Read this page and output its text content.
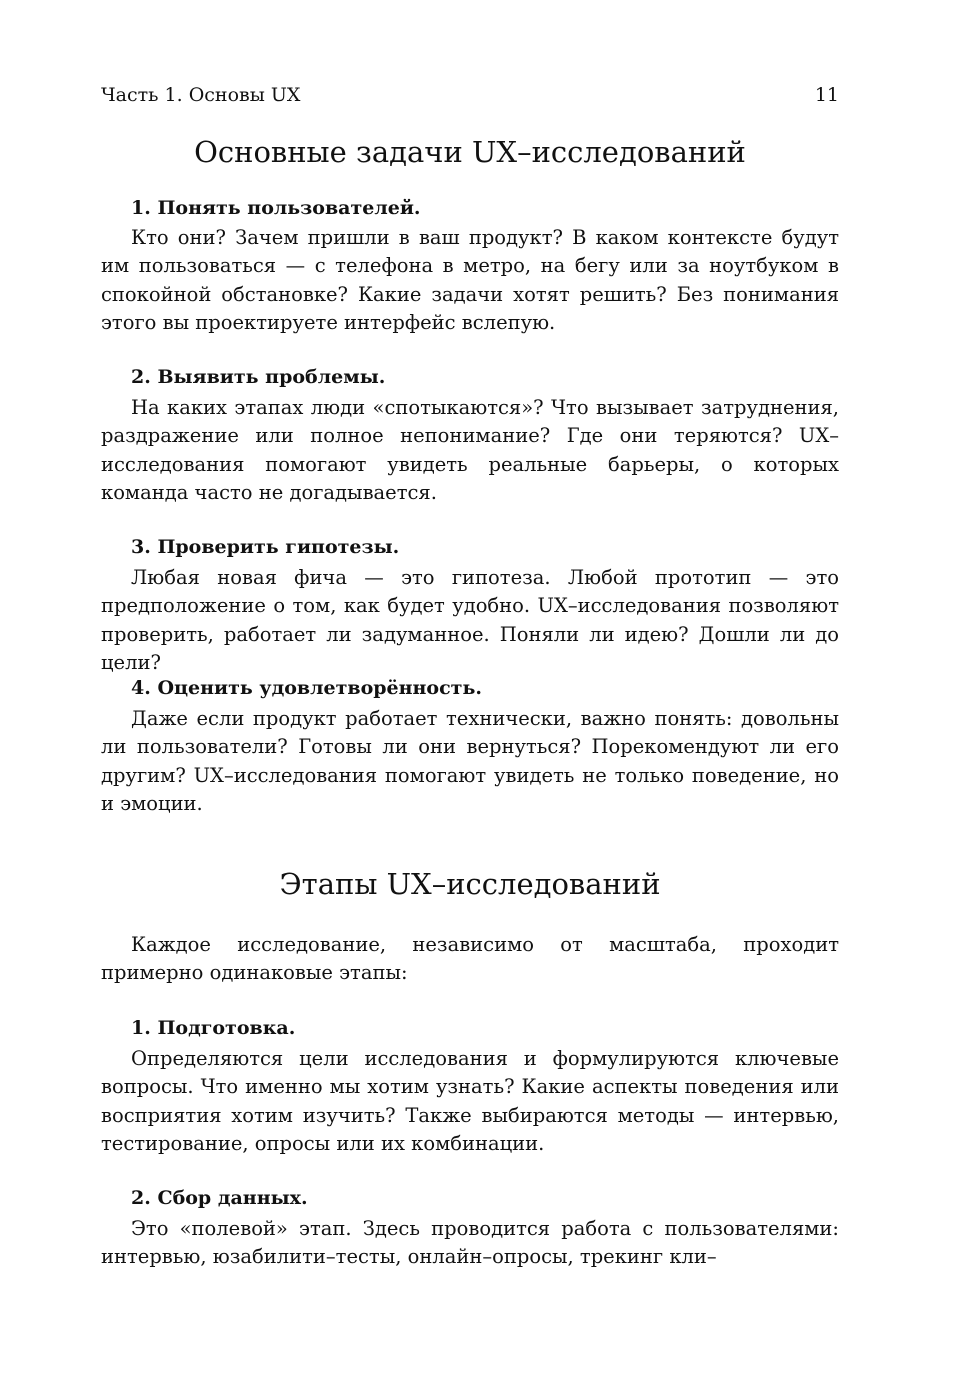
Часть 1. Основы UX	11
Основные задачи UX–исследований
1. Понять пользователей.

Кто они? Зачем пришли в ваш продукт? В каком контексте будут им пользоваться — с телефона в метро, на бегу или за ноутбуком в спокойной обстановке? Какие задачи хотят решить? Без понимания этого вы проектируете интерфейс вслепую.

2. Выявить проблемы.

На каких этапах люди «спотыкаются»? Что вызывает затруднения, раздражение или полное непонимание? Где они теряются? UX–исследования помогают увидеть реальные барьеры, о которых команда часто не догадывается.

3. Проверить гипотезы.

Любая новая фича — это гипотеза. Любой прототип — это предположение о том, как будет удобно. UX–исследования позволяют проверить, работает ли задуманное. Поняли ли идею? Дошли ли до цели?

4. Оценить удовлетворённость.

Даже если продукт работает технически, важно понять: довольны ли пользователи? Готовы ли они вернуться? Порекомендуют ли его другим? UX–исследования помогают увидеть не только поведение, но и эмоции.

Этапы UX–исследований

Каждое исследование, независимо от масштаба, проходит примерно одинаковые этапы:

1. Подготовка.

Определяются цели исследования и формулируются ключевые вопросы. Что именно мы хотим узнать? Какие аспекты поведения или восприятия хотим изучить? Также выбираются методы — интервью, тестирование, опросы или их комбинации.

2. Сбор данных.

Это «полевой» этап. Здесь проводится работа с пользователями: интервью, юзабилити–тесты, онлайн–опросы, трекинг кли–
